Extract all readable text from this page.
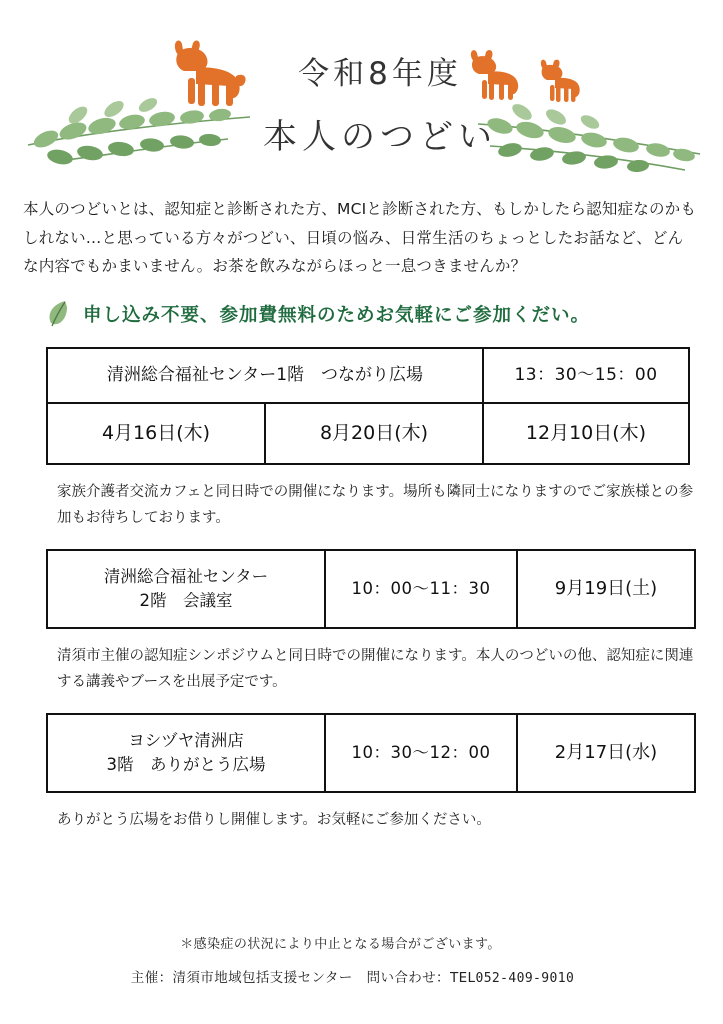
令和8年度
本人のつどい

本人のつどいとは、認知症と診断された方、MCIと診断された方、もしかしたら認知症なのかもしれない…と思っている方々がつどい、日頃の悩み、日常生活のちょっとしたお話など、どんな内容でもかまいません。お茶を飲みながらほっと一息つきませんか？

申し込み不要、参加費無料のためお気軽にご参加くだい。
清洲総合福祉センター1階　つながり広場		13：30～15：00
4月16日(木)	8月20日(木)	12月10日(木)

家族介護者交流カフェと同日時での開催になります。場所も隣同士になりますのでご家族様との参加もお待ちしております。

清洲総合福祉センター
2階　会議室	10：00～11：30	9月19日(土)

清須市主催の認知症シンポジウムと同日時での開催になります。本人のつどいの他、認知症に関連する講義やブースを出展予定です。

ヨシヅヤ清洲店
3階　ありがとう広場	10：30～12：00	2月17日(水)

ありがとう広場をお借りし開催します。お気軽にご参加ください。

＊感染症の状況により中止となる場合がございます。
主催：清須市地域包括支援センター　問い合わせ：TEL052-409-9010
